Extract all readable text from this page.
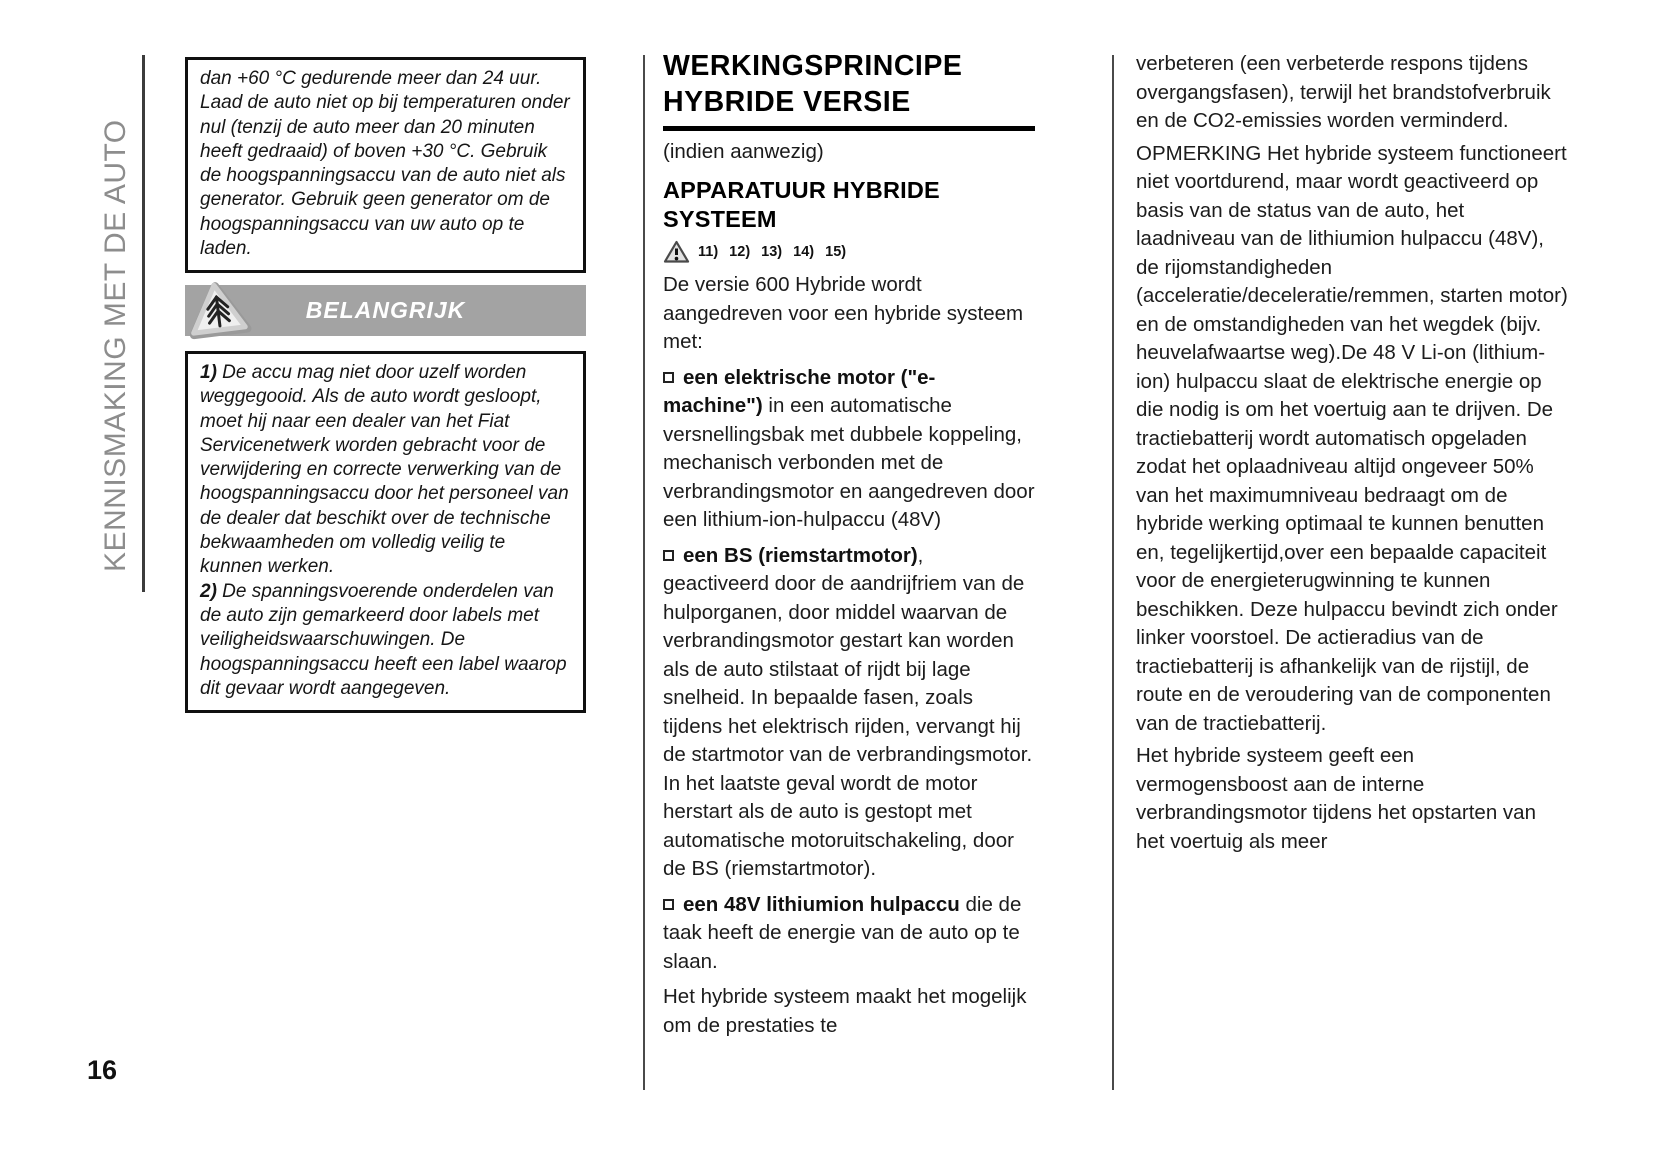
KENNISMAKING MET DE AUTO
16
dan +60 °C gedurende meer dan 24 uur. Laad de auto niet op bij temperaturen onder nul (tenzij de auto meer dan 20 minuten heeft gedraaid) of boven +30 °C. Gebruik de hoogspanningsaccu van de auto niet als generator. Gebruik geen generator om de hoogspanningsaccu van uw auto op te laden.
BELANGRIJK
1) De accu mag niet door uzelf worden weggegooid. Als de auto wordt gesloopt, moet hij naar een dealer van het Fiat Servicenetwerk worden gebracht voor de verwijdering en correcte verwerking van de hoogspanningsaccu door het personeel van de dealer dat beschikt over de technische bekwaamheden om volledig veilig te kunnen werken.
2) De spanningsvoerende onderdelen van de auto zijn gemarkeerd door labels met veiligheidswaarschuwingen. De hoogspanningsaccu heeft een label waarop dit gevaar wordt aangegeven.
WERKINGSPRINCIPE
HYBRIDE VERSIE
(indien aanwezig)
APPARATUUR HYBRIDE
SYSTEEM
11) 12) 13) 14) 15)
De versie 600 Hybride wordt aangedreven voor een hybride systeem met:
een elektrische motor ("e-machine") in een automatische versnellingsbak met dubbele koppeling, mechanisch verbonden met de verbrandingsmotor en aangedreven door een lithium-ion-hulpaccu (48V)
een BS (riemstartmotor), geactiveerd door de aandrijfriem van de hulporganen, door middel waarvan de verbrandingsmotor gestart kan worden als de auto stilstaat of rijdt bij lage snelheid. In bepaalde fasen, zoals tijdens het elektrisch rijden, vervangt hij de startmotor van de verbrandingsmotor. In het laatste geval wordt de motor herstart als de auto is gestopt met automatische motoruitschakeling, door de BS (riemstartmotor).
een 48V lithiumion hulpaccu die de taak heeft de energie van de auto op te slaan.
Het hybride systeem maakt het mogelijk om de prestaties te
verbeteren (een verbeterde respons tijdens overgangsfasen), terwijl het brandstofverbruik en de CO2-emissies worden verminderd.
OPMERKING Het hybride systeem functioneert niet voortdurend, maar wordt geactiveerd op basis van de status van de auto, het laadniveau van de lithiumion hulpaccu (48V), de rijomstandigheden (acceleratie/deceleratie/remmen, starten motor) en de omstandigheden van het wegdek (bijv. heuvelafwaartse weg).De 48 V Li-on (lithium-ion) hulpaccu slaat de elektrische energie op die nodig is om het voertuig aan te drijven. De tractiebatterij wordt automatisch opgeladen zodat het oplaadniveau altijd ongeveer 50% van het maximumniveau bedraagt om de hybride werking optimaal te kunnen benutten en, tegelijkertijd,over een bepaalde capaciteit voor de energieterugwinning te kunnen beschikken. Deze hulpaccu bevindt zich onder linker voorstoel. De actieradius van de tractiebatterij is afhankelijk van de rijstijl, de route en de veroudering van de componenten van de tractiebatterij.
Het hybride systeem geeft een vermogensboost aan de interne verbrandingsmotor tijdens het opstarten van het voertuig als meer
